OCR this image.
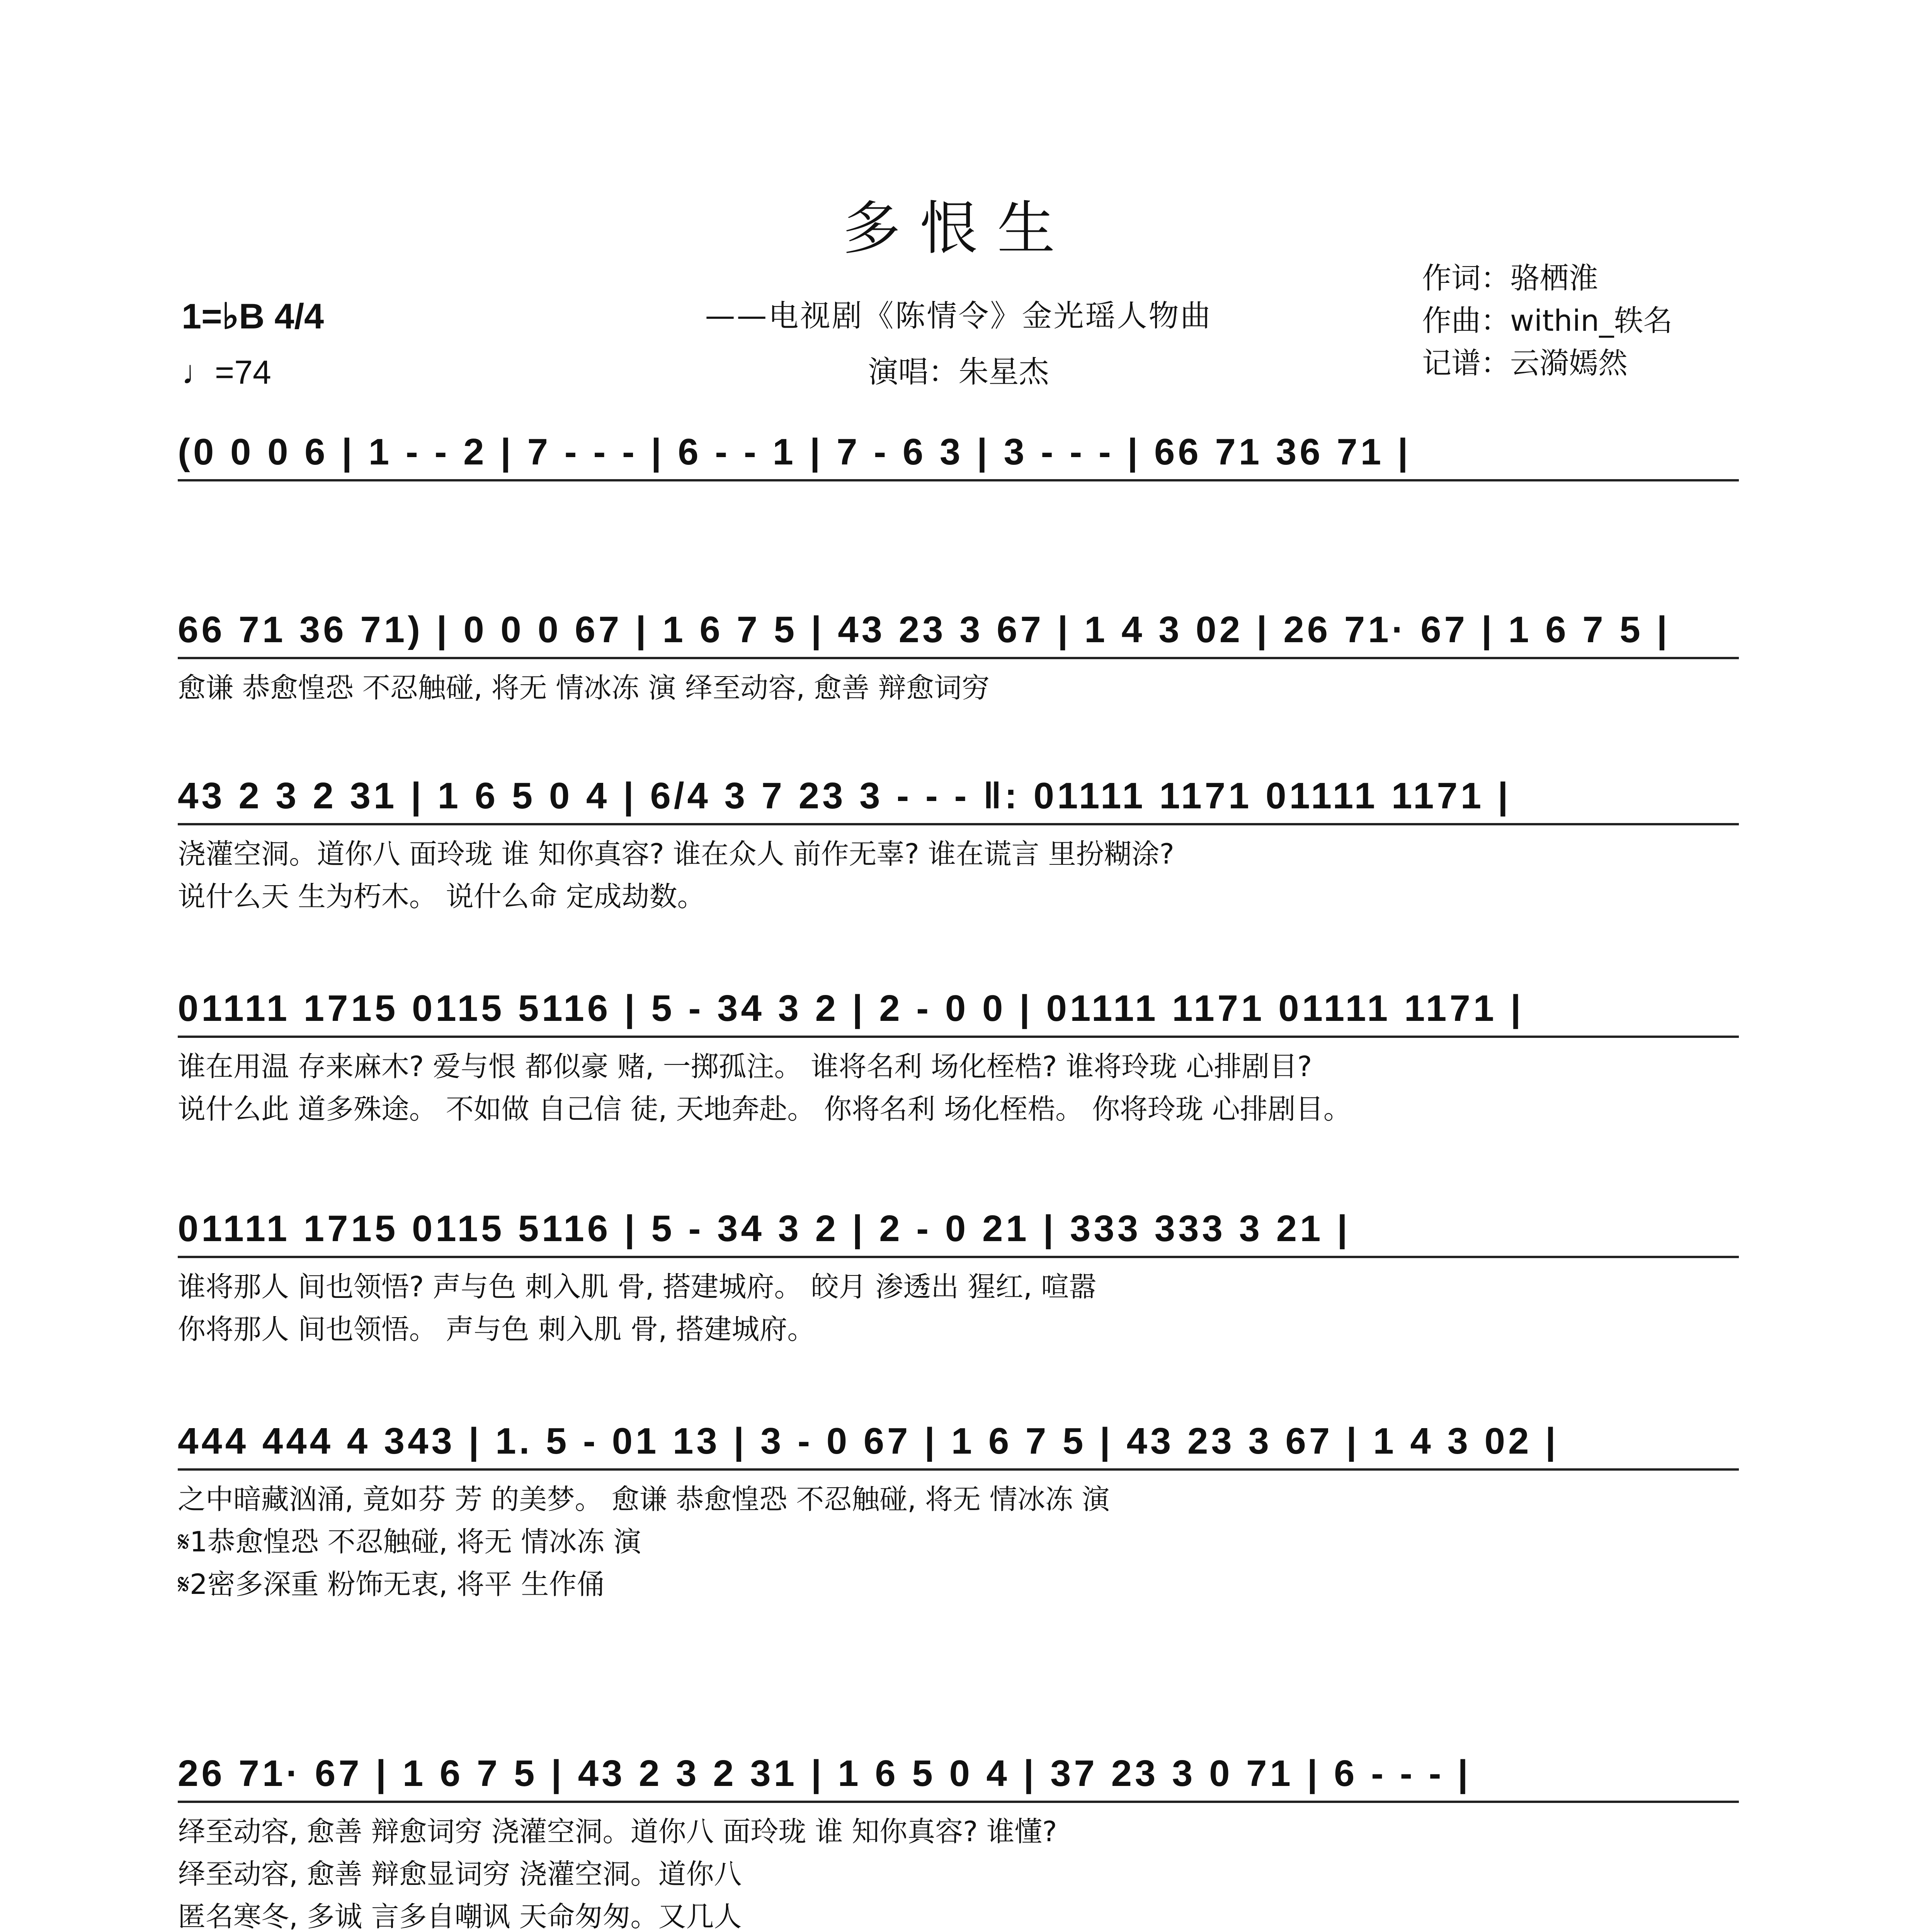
多恨生
——电视剧《陈情令》金光瑶人物曲
演唱：朱星杰
作词：骆栖淮
作曲：within_轶名
记谱：云漪嫣然
1=♭B 4/4
♩=74
(0 0 0 6 | 1 - - 2 | 7 - - - | 6 - - 1 | 7 - 6 3 | 3 - - - | 66 71 36 71 |
66 71 36 71) | 0 0 0 67 | 1 6 7 5 | 43 23 3 67 | 1 4 3 02 | 26 71· 67 | 1 6 7 5 |
愈谦 恭愈惶恐 不忍触碰, 将无 情冰冻 演 绎至动容, 愈善 辩愈词穷
43 2 3 2 31 | 1 6 5 0 4 | 6/4 3 7 23 3 - - - ‖: 01111 1171 01111 1171 |
浇灌空洞。道你八 面玲珑 谁 知你真容? 谁在众人 前作无辜? 谁在谎言 里扮糊涂?
说什么天 生为朽木。 说什么命 定成劫数。
01111 1715 0115 5116 | 5 - 34 3 2 | 2 - 0 0 | 01111 1171 01111 1171 |
谁在用温 存来麻木? 爱与恨 都似豪 赌, 一掷孤注。 谁将名利 场化桎梏? 谁将玲珑 心排剧目?
说什么此 道多殊途。 不如做 自己信 徒, 天地奔赴。 你将名利 场化桎梏。 你将玲珑 心排剧目。
01111 1715 0115 5116 | 5 - 34 3 2 | 2 - 0 21 | 333 333 3 21 |
谁将那人 间也领悟? 声与色 刺入肌 骨, 搭建城府。 皎月 渗透出 猩红, 喧嚣
你将那人 间也领悟。 声与色 刺入肌 骨, 搭建城府。
444 444 4 343 | 1. 5 - 01 13 | 3 - 0 67 | 1 6 7 5 | 43 23 3 67 | 1 4 3 02 |
之中暗藏汹涌, 竟如芬 芳 的美梦。 愈谦 恭愈惶恐 不忍触碰, 将无 情冰冻 演
𝄋1恭愈惶恐 不忍触碰, 将无 情冰冻 演
𝄋2密多深重 粉饰无衷, 将平 生作俑
26 71· 67 | 1 6 7 5 | 43 2 3 2 31 | 1 6 5 0 4 | 37 23 3 0 71 | 6 - - - |
绎至动容, 愈善 辩愈词穷 浇灌空洞。道你八 面玲珑 谁 知你真容? 谁懂?
绎至动容, 愈善 辩愈显词穷 浇灌空洞。道你八
匿名寒冬, 多诚 言多自嘲讽 天命匆匆。又几人
